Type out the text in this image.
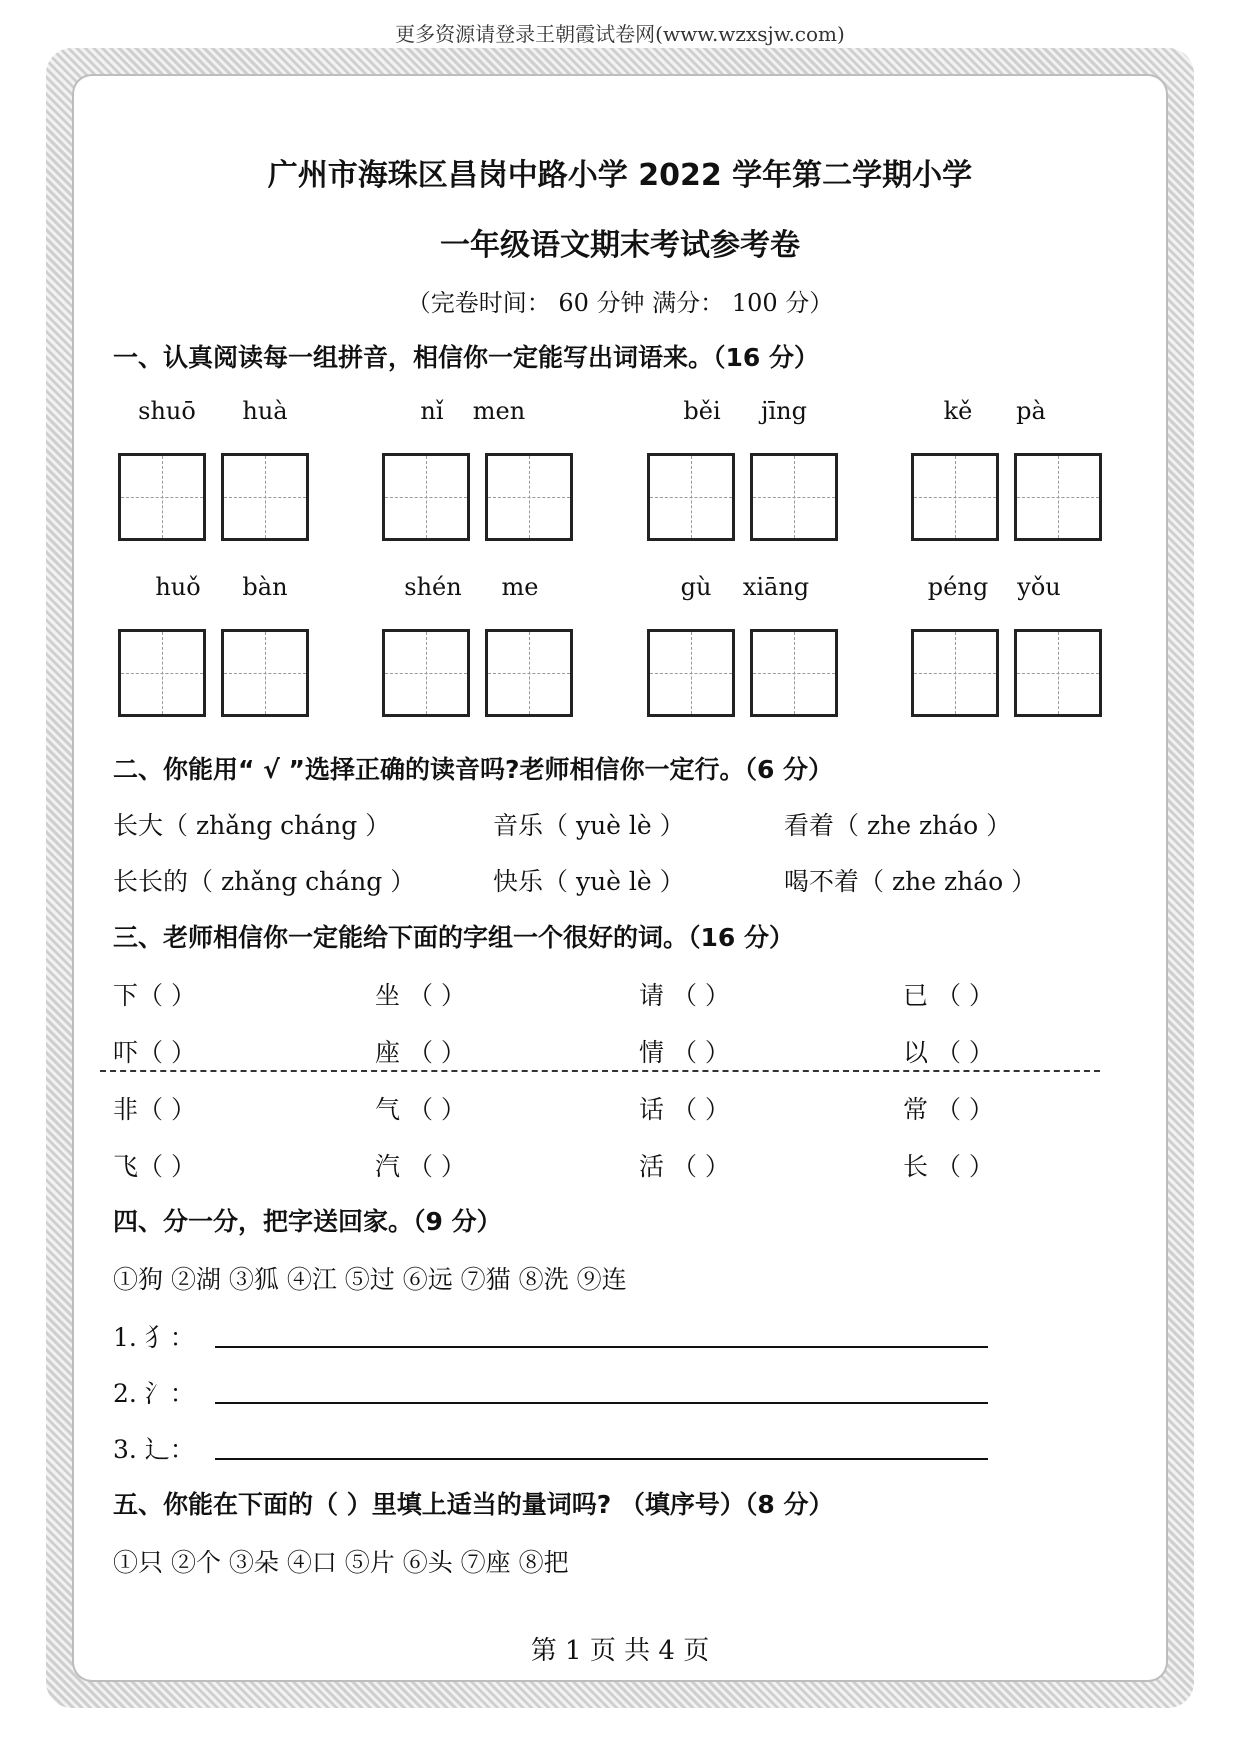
更多资源请登录王朝霞试卷网(www.wzxsjw.com)
广州市海珠区昌岗中路小学 2022 学年第二学期小学
一年级语文期末考试参考卷
（完卷时间： 60 分钟 满分： 100 分）
一、认真阅读每一组拼音，相信你一定能写出词语来。（16 分）
shuō	huà	nǐ	men	běi	jīng	kě	pà
huǒ	bàn	shén	me	gù	xiāng	péng	yǒu
二、你能用“ √ ”选择正确的读音吗?老师相信你一定行。（6 分）
长大（ zhǎng cháng ）	音乐（ yuè lè ）	看着（ zhe zháo ）
长长的（ zhǎng cháng ）	快乐（ yuè lè ）	喝不着（ zhe zháo ）
三、老师相信你一定能给下面的字组一个很好的词。（16 分）
下（ ）	坐 （ ）	请 （ ）	已 （ ）
吓（ ）	座 （ ）	情 （ ）	以 （ ）
非（ ）	气 （ ）	话 （ ）	常 （ ）
飞（ ）	汽 （ ）	活 （ ）	长 （ ）
四、分一分，把字送回家。（9 分）
①狗 ②湖 ③狐 ④江 ⑤过 ⑥远 ⑦猫 ⑧洗 ⑨连
1. 犭：
2. 氵：
3. 辶：
五、你能在下面的（ ）里填上适当的量词吗? （填序号）（8 分）
①只 ②个 ③朵 ④口 ⑤片 ⑥头 ⑦座 ⑧把
第 1 页 共 4 页
